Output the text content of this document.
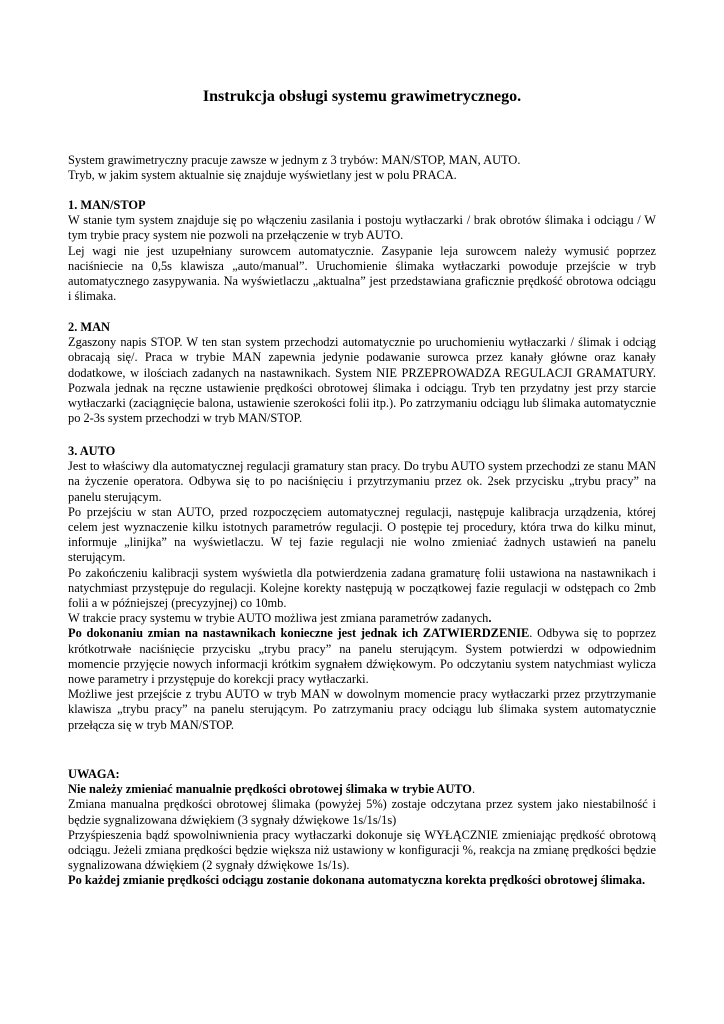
Instrukcja obsługi systemu grawimetrycznego.

System grawimetryczny pracuje zawsze w jednym z 3 trybów: MAN/STOP, MAN, AUTO.

Tryb, w jakim system aktualnie się znajduje wyświetlany jest w polu PRACA.

1. MAN/STOP

W stanie tym system znajduje się po włączeniu zasilania i postoju wytłaczarki / brak obrotów ślimaka i odciągu / W tym trybie pracy system nie pozwoli na przełączenie w tryb AUTO.

Lej wagi nie jest uzupełniany surowcem automatycznie. Zasypanie leja surowcem należy wymusić poprzez naciśniecie na 0,5s klawisza „auto/manual”. Uruchomienie ślimaka wytłaczarki powoduje przejście w tryb automatycznego zasypywania. Na wyświetlaczu „aktualna” jest przedstawiana graficznie prędkość obrotowa odciągu i ślimaka.

2. MAN

Zgaszony napis STOP. W ten stan system przechodzi automatycznie po uruchomieniu wytłaczarki / ślimak i odciąg obracają się/. Praca w trybie MAN zapewnia jedynie podawanie surowca przez kanały główne oraz kanały dodatkowe, w ilościach zadanych na nastawnikach. System NIE PRZEPROWADZA REGULACJI GRAMATURY. Pozwala jednak na ręczne ustawienie prędkości obrotowej ślimaka i odciągu. Tryb ten przydatny jest przy starcie wytłaczarki (zaciągnięcie balona, ustawienie szerokości folii itp.). Po zatrzymaniu odciągu lub ślimaka automatycznie po 2-3s system przechodzi w tryb MAN/STOP.

3. AUTO

Jest to właściwy dla automatycznej regulacji gramatury stan pracy. Do trybu AUTO system przechodzi ze stanu MAN na życzenie operatora. Odbywa się to po naciśnięciu i przytrzymaniu przez ok. 2sek przycisku „trybu pracy” na panelu sterującym.

Po przejściu w stan AUTO, przed rozpoczęciem automatycznej regulacji, następuje kalibracja urządzenia, której celem jest wyznaczenie kilku istotnych parametrów regulacji. O postępie tej procedury, która trwa do kilku minut, informuje „linijka” na wyświetlaczu. W tej fazie regulacji nie wolno zmieniać żadnych ustawień na panelu sterującym.

Po zakończeniu kalibracji system wyświetla dla potwierdzenia zadana gramaturę folii ustawiona na nastawnikach i natychmiast przystępuje do regulacji. Kolejne korekty następują w początkowej fazie regulacji w odstępach co 2mb folii a w późniejszej (precyzyjnej) co 10mb.

W trakcie pracy systemu w trybie AUTO możliwa jest zmiana parametrów zadanych.

Po dokonaniu zmian na nastawnikach konieczne jest jednak ich ZATWIERDZENIE. Odbywa się to poprzez krótkotrwałe naciśnięcie przycisku „trybu pracy” na panelu sterującym. System potwierdzi w odpowiednim momencie przyjęcie nowych informacji krótkim sygnałem dźwiękowym. Po odczytaniu system natychmiast wylicza nowe parametry i przystępuje do korekcji pracy wytłaczarki.

Możliwe jest przejście z trybu AUTO w tryb MAN w dowolnym momencie pracy wytłaczarki przez przytrzymanie klawisza „trybu pracy” na panelu sterującym. Po zatrzymaniu pracy odciągu lub ślimaka system automatycznie przełącza się w tryb MAN/STOP.

UWAGA:

Nie należy zmieniać manualnie prędkości obrotowej ślimaka w trybie AUTO.

Zmiana manualna prędkości obrotowej ślimaka (powyżej 5%) zostaje odczytana przez system jako niestabilność i będzie sygnalizowana dźwiękiem (3 sygnały dźwiękowe 1s/1s/1s)

Przyśpieszenia bądź spowolniwnienia pracy wytłaczarki dokonuje się WYŁĄCZNIE zmieniając prędkość obrotową odciągu. Jeżeli zmiana prędkości będzie większa niż ustawiony w konfiguracji %, reakcja na zmianę prędkości będzie sygnalizowana dźwiękiem (2 sygnały dźwiękowe 1s/1s).

Po każdej zmianie prędkości odciągu zostanie dokonana automatyczna korekta prędkości obrotowej ślimaka.
